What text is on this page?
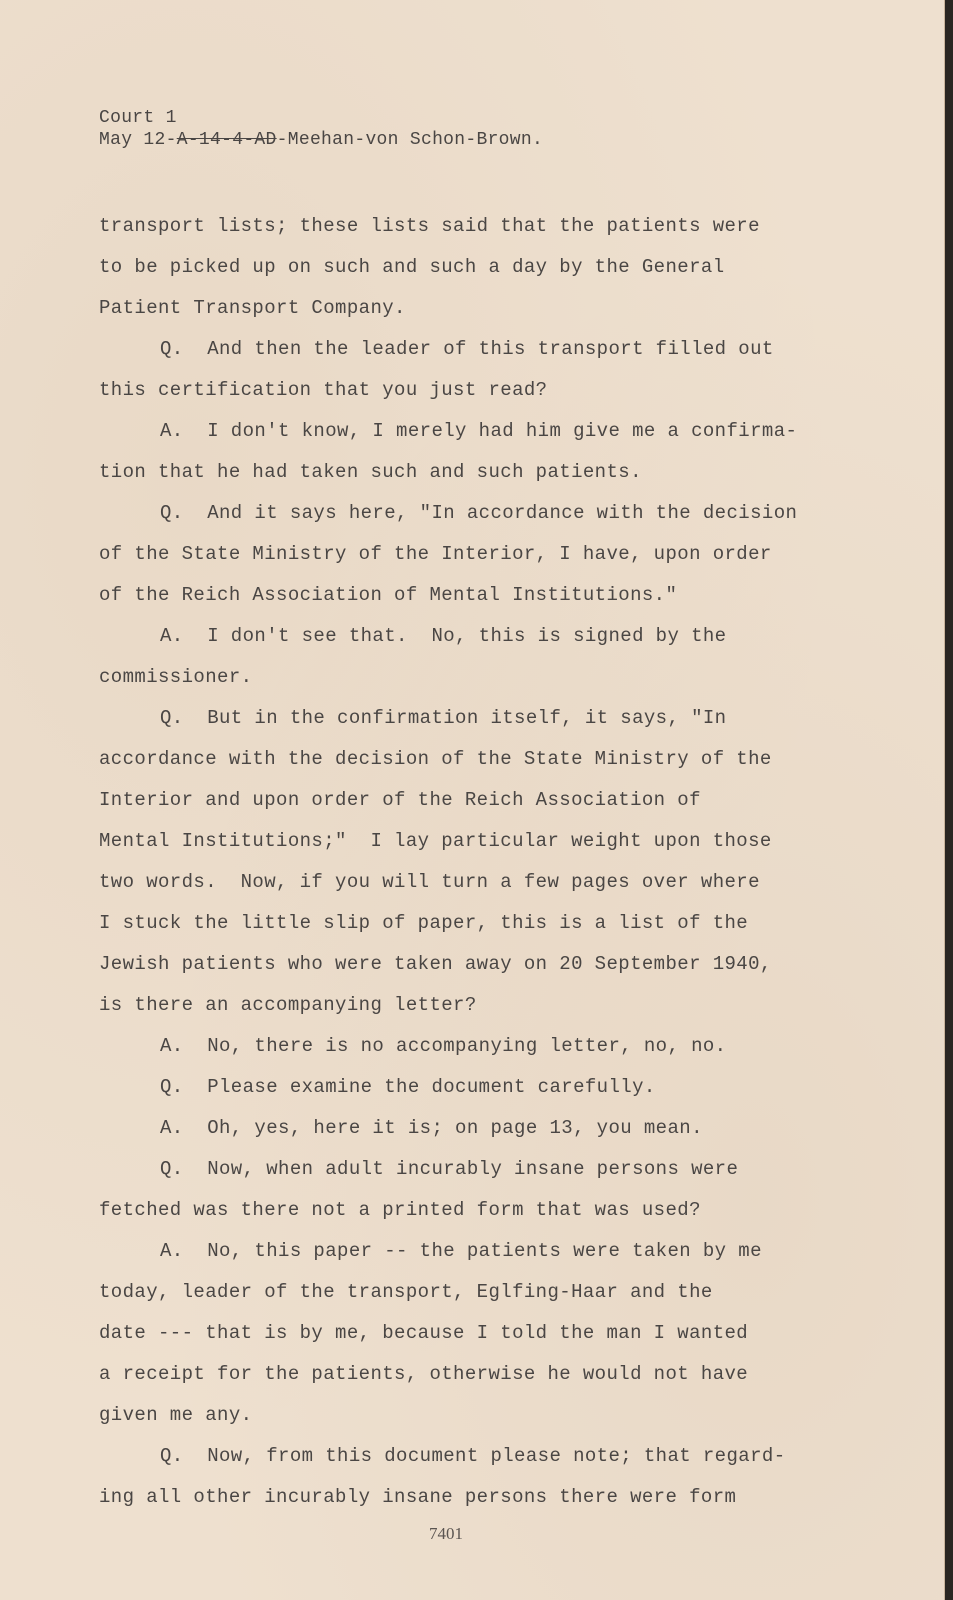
Court 1
May 12-A-14-4-AD-Meehan-von Schon-Brown.

transport lists; these lists said that the patients were

to be picked up on such and such a day by the General

Patient Transport Company.

Q.  And then the leader of this transport filled out

this certification that you just read?

A.  I don't know, I merely had him give me a confirma-

tion that he had taken such and such patients.

Q.  And it says here, "In accordance with the decision

of the State Ministry of the Interior, I have, upon order

of the Reich Association of Mental Institutions."

A.  I don't see that.  No, this is signed by the

commissioner.

Q.  But in the confirmation itself, it says, "In

accordance with the decision of the State Ministry of the

Interior and upon order of the Reich Association of

Mental Institutions;"  I lay particular weight upon those

two words.  Now, if you will turn a few pages over where

I stuck the little slip of paper, this is a list of the

Jewish patients who were taken away on 20 September 1940,

is there an accompanying letter?

A.  No, there is no accompanying letter, no, no.

Q.  Please examine the document carefully.

A.  Oh, yes, here it is; on page 13, you mean.

Q.  Now, when adult incurably insane persons were

fetched was there not a printed form that was used?

A.  No, this paper -- the patients were taken by me

today, leader of the transport, Eglfing-Haar and the

date --- that is by me, because I told the man I wanted

a receipt for the patients, otherwise he would not have

given me any.

Q.  Now, from this document please note; that regard-

ing all other incurably insane persons there were form

7401
